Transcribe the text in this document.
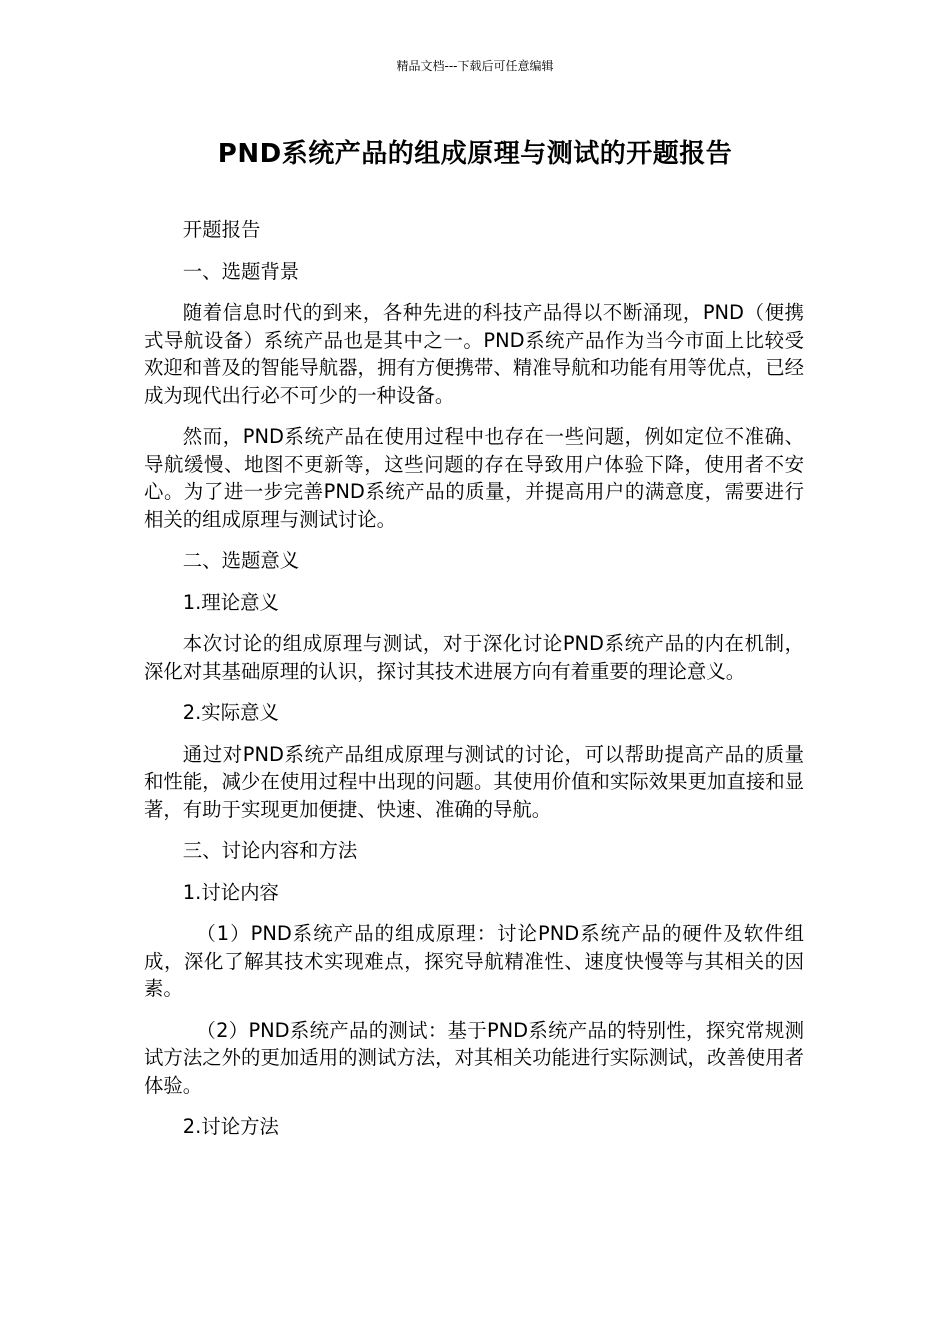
精品文档---下载后可任意编辑
PND系统产品的组成原理与测试的开题报告

开题报告

一、选题背景

随着信息时代的到来，各种先进的科技产品得以不断涌现，PND（便携式导航设备）系统产品也是其中之一。PND系统产品作为当今市面上比较受欢迎和普及的智能导航器，拥有方便携带、精准导航和功能有用等优点，已经成为现代出行必不可少的一种设备。

然而，PND系统产品在使用过程中也存在一些问题，例如定位不准确、导航缓慢、地图不更新等，这些问题的存在导致用户体验下降，使用者不安心。为了进一步完善PND系统产品的质量，并提高用户的满意度，需要进行相关的组成原理与测试讨论。

二、选题意义

1.理论意义

本次讨论的组成原理与测试，对于深化讨论PND系统产品的内在机制，深化对其基础原理的认识，探讨其技术进展方向有着重要的理论意义。

2.实际意义

通过对PND系统产品组成原理与测试的讨论，可以帮助提高产品的质量和性能，减少在使用过程中出现的问题。其使用价值和实际效果更加直接和显著，有助于实现更加便捷、快速、准确的导航。

三、讨论内容和方法

1.讨论内容

（1）PND系统产品的组成原理：讨论PND系统产品的硬件及软件组成，深化了解其技术实现难点，探究导航精准性、速度快慢等与其相关的因素。

（2）PND系统产品的测试：基于PND系统产品的特别性，探究常规测试方法之外的更加适用的测试方法，对其相关功能进行实际测试，改善使用者体验。

2.讨论方法
